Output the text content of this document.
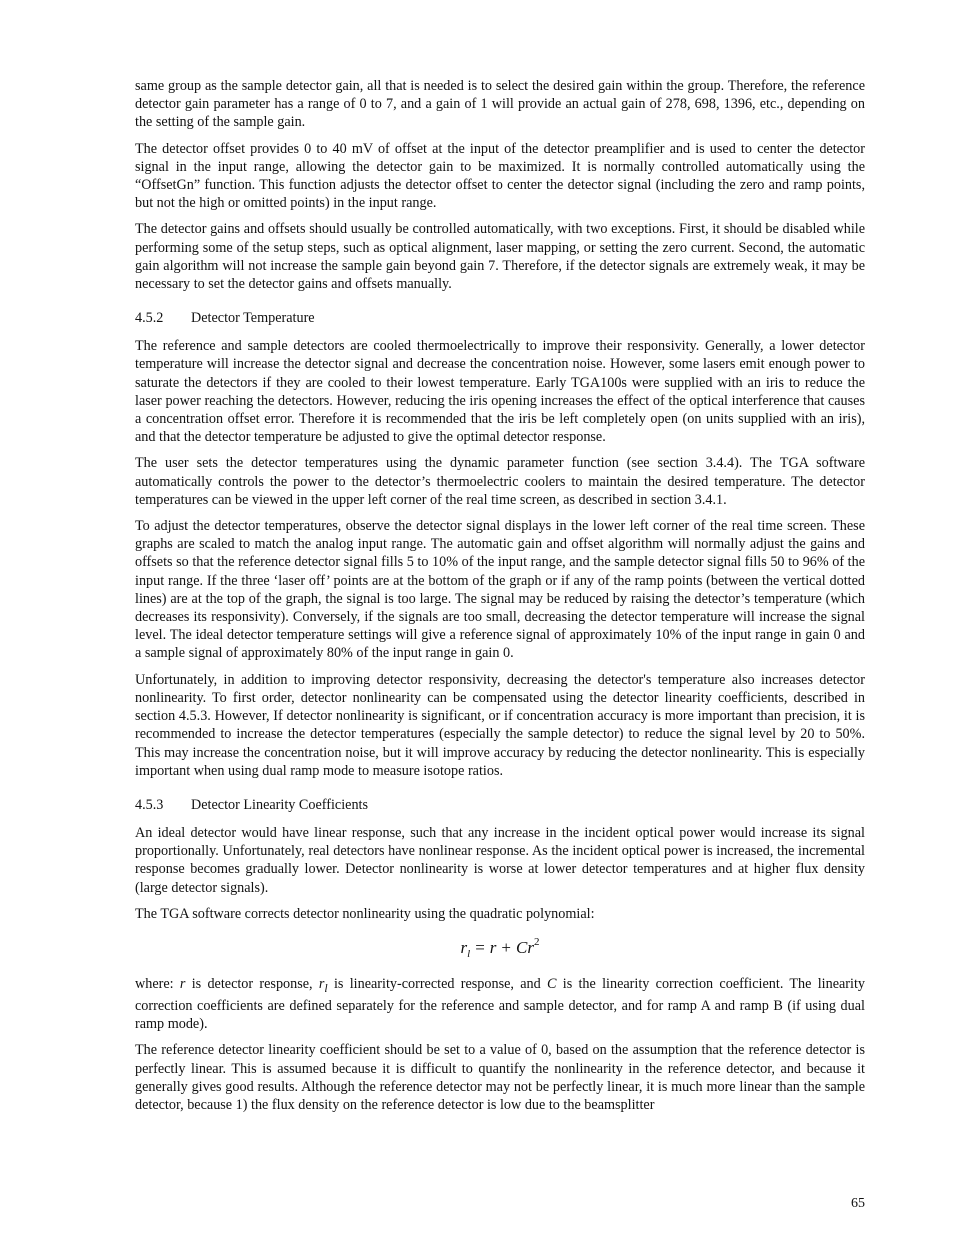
same group as the sample detector gain, all that is needed is to select the desired gain within the group. Therefore, the reference detector gain parameter has a range of 0 to 7, and a gain of 1 will provide an actual gain of 278, 698, 1396, etc., depending on the setting of the sample gain.

The detector offset provides 0 to 40 mV of offset at the input of the detector preamplifier and is used to center the detector signal in the input range, allowing the detector gain to be maximized. It is normally controlled automatically using the “OffsetGn” function. This function adjusts the detector offset to center the detector signal (including the zero and ramp points, but not the high or omitted points) in the input range.

The detector gains and offsets should usually be controlled automatically, with two exceptions. First, it should be disabled while performing some of the setup steps, such as optical alignment, laser mapping, or setting the zero current. Second, the automatic gain algorithm will not increase the sample gain beyond gain 7. Therefore, if the detector signals are extremely weak, it may be necessary to set the detector gains and offsets manually.

4.5.2 Detector Temperature

The reference and sample detectors are cooled thermoelectrically to improve their responsivity. Generally, a lower detector temperature will increase the detector signal and decrease the concentration noise. However, some lasers emit enough power to saturate the detectors if they are cooled to their lowest temperature. Early TGA100s were supplied with an iris to reduce the laser power reaching the detectors. However, reducing the iris opening increases the effect of the optical interference that causes a concentration offset error. Therefore it is recommended that the iris be left completely open (on units supplied with an iris), and that the detector temperature be adjusted to give the optimal detector response.

The user sets the detector temperatures using the dynamic parameter function (see section 3.4.4). The TGA software automatically controls the power to the detector’s thermoelectric coolers to maintain the desired temperature. The detector temperatures can be viewed in the upper left corner of the real time screen, as described in section 3.4.1.

To adjust the detector temperatures, observe the detector signal displays in the lower left corner of the real time screen. These graphs are scaled to match the analog input range. The automatic gain and offset algorithm will normally adjust the gains and offsets so that the reference detector signal fills 5 to 10% of the input range, and the sample detector signal fills 50 to 96% of the input range. If the three ‘laser off’ points are at the bottom of the graph or if any of the ramp points (between the vertical dotted lines) are at the top of the graph, the signal is too large. The signal may be reduced by raising the detector’s temperature (which decreases its responsivity). Conversely, if the signals are too small, decreasing the detector temperature will increase the signal level. The ideal detector temperature settings will give a reference signal of approximately 10% of the input range in gain 0 and a sample signal of approximately 80% of the input range in gain 0.

Unfortunately, in addition to improving detector responsivity, decreasing the detector's temperature also increases detector nonlinearity. To first order, detector nonlinearity can be compensated using the detector linearity coefficients, described in section 4.5.3. However, If detector nonlinearity is significant, or if concentration accuracy is more important than precision, it is recommended to increase the detector temperatures (especially the sample detector) to reduce the signal level by 20 to 50%. This may increase the concentration noise, but it will improve accuracy by reducing the detector nonlinearity. This is especially important when using dual ramp mode to measure isotope ratios.

4.5.3 Detector Linearity Coefficients

An ideal detector would have linear response, such that any increase in the incident optical power would increase its signal proportionally. Unfortunately, real detectors have nonlinear response. As the incident optical power is increased, the incremental response becomes gradually lower. Detector nonlinearity is worse at lower detector temperatures and at higher flux density (large detector signals).

The TGA software corrects detector nonlinearity using the quadratic polynomial:

$r_l = r + Cr^2$

where: r is detector response, $r_l$ is linearity-corrected response, and C is the linearity correction coefficient. The linearity correction coefficients are defined separately for the reference and sample detector, and for ramp A and ramp B (if using dual ramp mode).

The reference detector linearity coefficient should be set to a value of 0, based on the assumption that the reference detector is perfectly linear. This is assumed because it is difficult to quantify the nonlinearity in the reference detector, and because it generally gives good results. Although the reference detector may not be perfectly linear, it is much more linear than the sample detector, because 1) the flux density on the reference detector is low due to the beamsplitter

65
